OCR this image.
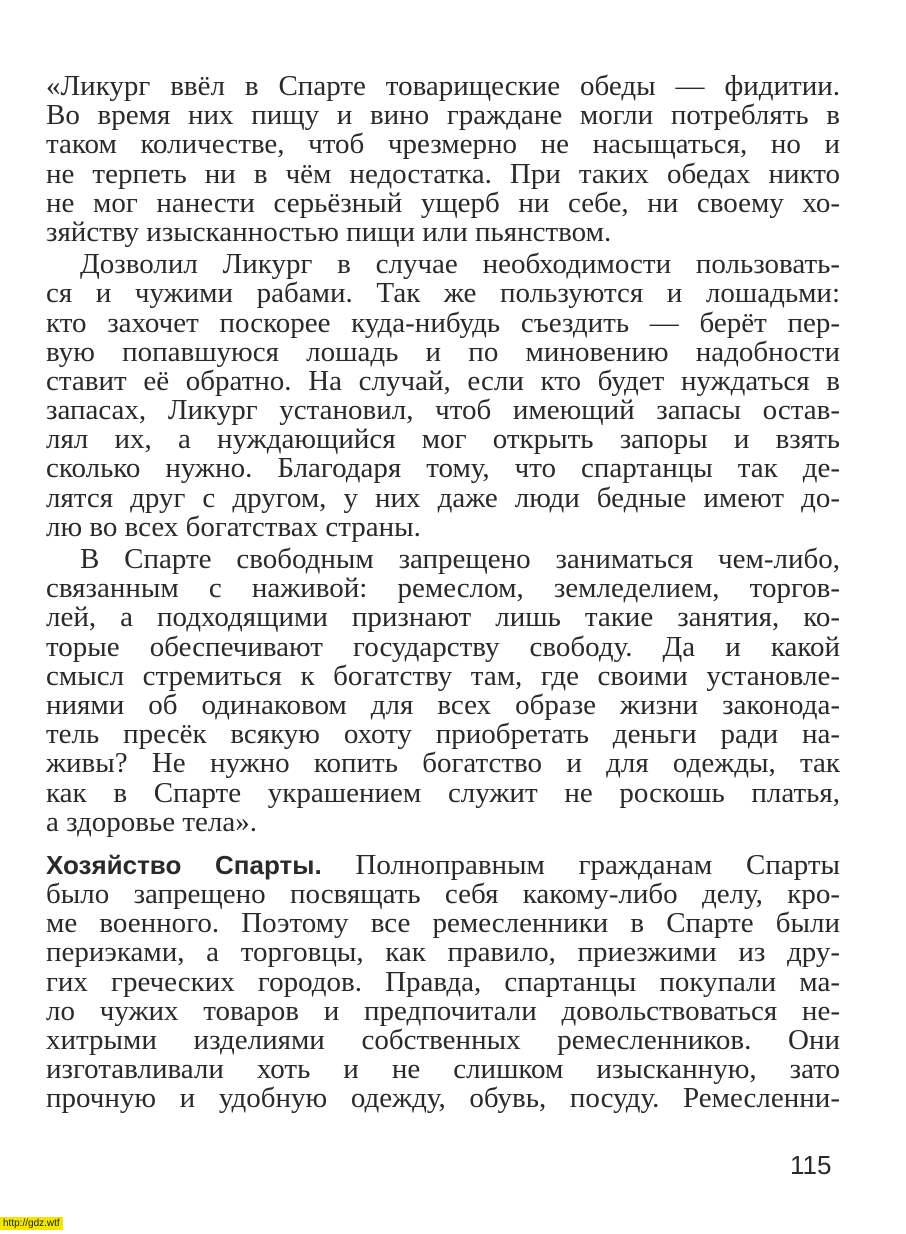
«Ликург ввёл в Спарте товарищеские обеды — фидитии.
Во время них пищу и вино граждане могли потреблять в
таком количестве, чтоб чрезмерно не насыщаться, но и
не терпеть ни в чём недостатка. При таких обедах никто
не мог нанести серьёзный ущерб ни себе, ни своему хо-
зяйству изысканностью пищи или пьянством.
Дозволил Ликург в случае необходимости пользовать-
ся и чужими рабами. Так же пользуются и лошадьми:
кто захочет поскорее куда-нибудь съездить — берёт пер-
вую попавшуюся лошадь и по миновению надобности
ставит её обратно. На случай, если кто будет нуждаться в
запасах, Ликург установил, чтоб имеющий запасы остав-
лял их, а нуждающийся мог открыть запоры и взять
сколько нужно. Благодаря тому, что спартанцы так де-
лятся друг с другом, у них даже люди бедные имеют до-
лю во всех богатствах страны.
В Спарте свободным запрещено заниматься чем-либо,
связанным с наживой: ремеслом, земледелием, торгов-
лей, а подходящими признают лишь такие занятия, ко-
торые обеспечивают государству свободу. Да и какой
смысл стремиться к богатству там, где своими установле-
ниями об одинаковом для всех образе жизни законода-
тель пресёк всякую охоту приобретать деньги ради на-
живы? Не нужно копить богатство и для одежды, так
как в Спарте украшением служит не роскошь платья,
а здоровье тела».
Хозяйство Спарты. Полноправным гражданам Спарты
было запрещено посвящать себя какому-либо делу, кро-
ме военного. Поэтому все ремесленники в Спарте были
периэками, а торговцы, как правило, приезжими из дру-
гих греческих городов. Правда, спартанцы покупали ма-
ло чужих товаров и предпочитали довольствоваться не-
хитрыми изделиями собственных ремесленников. Они
изготавливали хоть и не слишком изысканную, зато
прочную и удобную одежду, обувь, посуду. Ремесленни-
115
http://gdz.wtf
